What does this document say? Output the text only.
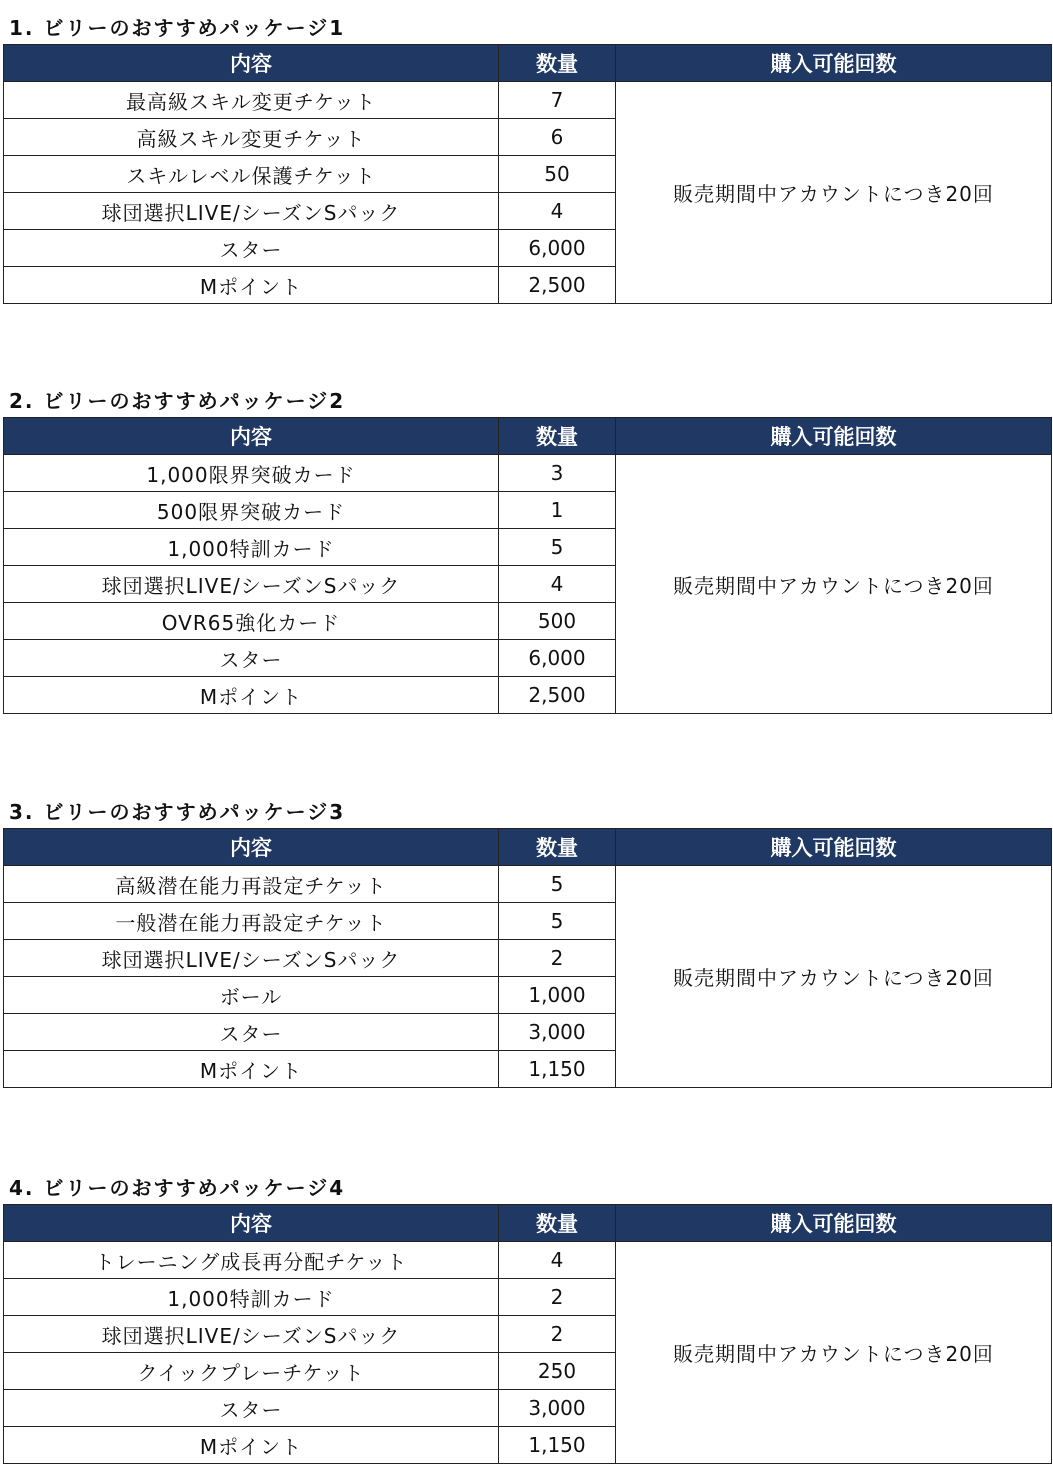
1. ビリーのおすすめパッケージ1
内容	数量	購入可能回数
最高級スキル変更チケット	7	販売期間中アカウントにつき20回
高級スキル変更チケット	6	
スキルレベル保護チケット	50	
球団選択LIVE/シーズンSパック	4	
スター	6,000	
Mポイント	2,500	
2. ビリーのおすすめパッケージ2
内容	数量	購入可能回数
1,000限界突破カード	3	販売期間中アカウントにつき20回
500限界突破カード	1	
1,000特訓カード	5	
球団選択LIVE/シーズンSパック	4	
OVR65強化カード	500	
スター	6,000	
Mポイント	2,500	
3. ビリーのおすすめパッケージ3
内容	数量	購入可能回数
高級潜在能力再設定チケット	5	販売期間中アカウントにつき20回
一般潜在能力再設定チケット	5	
球団選択LIVE/シーズンSパック	2	
ボール	1,000	
スター	3,000	
Mポイント	1,150	
4. ビリーのおすすめパッケージ4
内容	数量	購入可能回数
トレーニング成長再分配チケット	4	販売期間中アカウントにつき20回
1,000特訓カード	2	
球団選択LIVE/シーズンSパック	2	
クイックプレーチケット	250	
スター	3,000	
Mポイント	1,150	
